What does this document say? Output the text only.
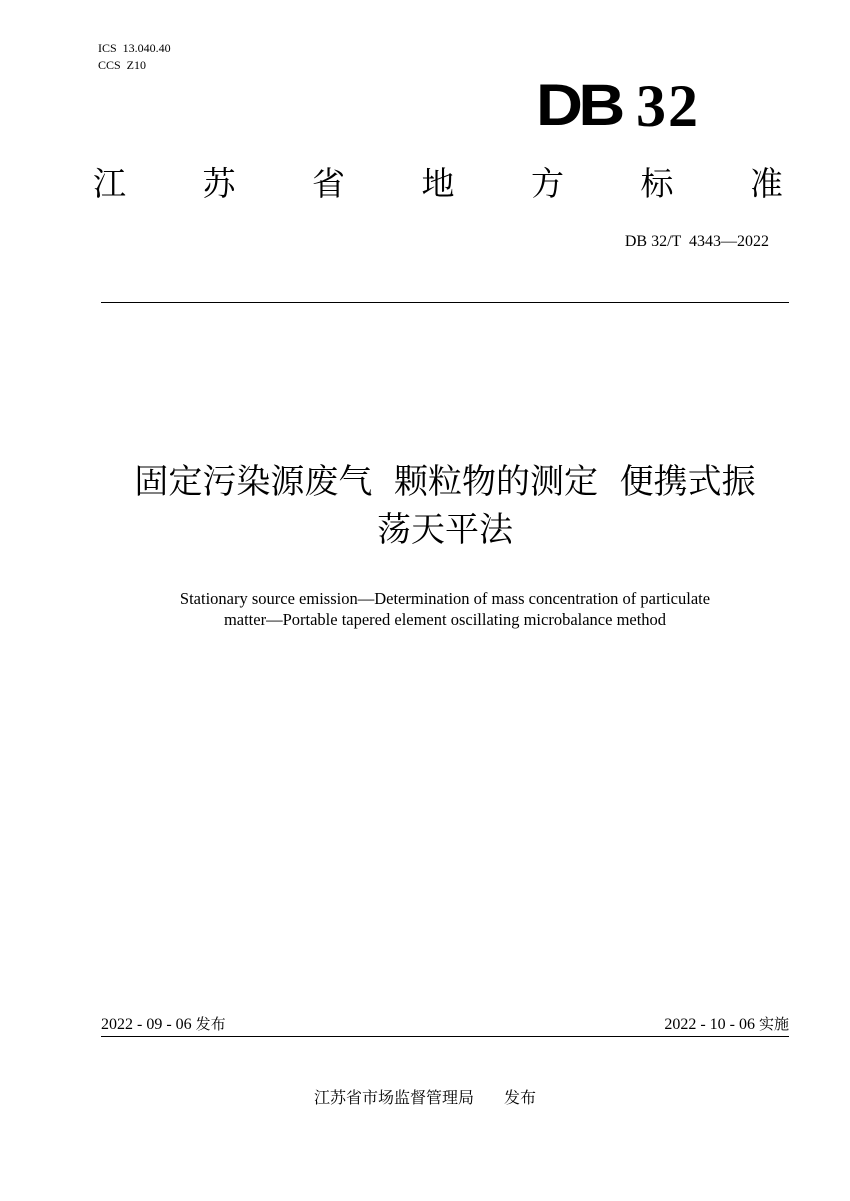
ICS  13.040.40
CCS  Z10
DB 32
江 苏 省 地 方 标 准
DB 32/T  4343—2022
固定污染源废气  颗粒物的测定  便携式振
荡天平法
Stationary source emission—Determination of mass concentration of particulate
matter—Portable tapered element oscillating microbalance method
2022 - 09 - 06 发布	2022 - 10 - 06 实施
江苏省市场监督管理局 发布
